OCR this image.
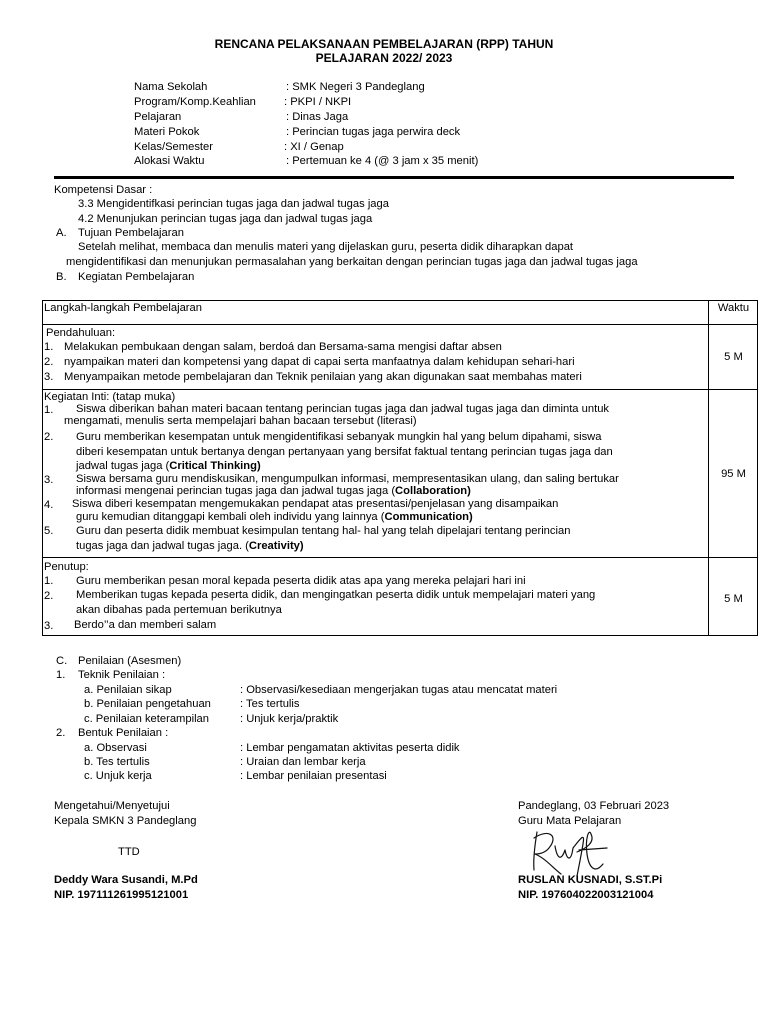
RENCANA PELAKSANAAN PEMBELAJARAN (RPP) TAHUN
PELAJARAN 2022/ 2023
Nama Sekolah	: SMK Negeri 3 Pandeglang
Program/Komp.Keahlian	: PKPI / NKPI
Pelajaran	: Dinas Jaga
Materi Pokok	: Perincian tugas jaga perwira deck
Kelas/Semester	: XI / Genap
Alokasi Waktu	: Pertemuan ke 4 (@ 3 jam x 35 menit)
Kompetensi Dasar :
3.3 Mengidentifkasi perincian tugas jaga dan jadwal tugas jaga
4.2 Menunjukan perincian tugas jaga dan jadwal tugas jaga
A. Tujuan Pembelajaran
Setelah melihat, membaca dan menulis materi yang dijelaskan guru, peserta didik diharapkan dapat
mengidentifikasi dan menunjukan permasalahan yang berkaitan dengan perincian tugas jaga dan jadwal tugas jaga
B. Kegiatan Pembelajaran
Langkah-langkah Pembelajaran	Waktu
Pendahuluan:
1. Melakukan pembukaan dengan salam, berdoá dan Bersama-sama mengisi daftar absen
2. nyampaikan materi dan kompetensi yang dapat di capai serta manfaatnya dalam kehidupan sehari-hari
3. Menyampaikan metode pembelajaran dan Teknik penilaian yang akan digunakan saat membahas materi
5 M
Kegiatan Inti: (tatap muka)
1. Siswa diberikan bahan materi bacaan tentang perincian tugas jaga dan jadwal tugas jaga dan diminta untuk
mengamati, menulis serta mempelajari bahan bacaan tersebut (literasi)
2. Guru memberikan kesempatan untuk mengidentifikasi sebanyak mungkin hal yang belum dipahami, siswa
diberi kesempatan untuk bertanya dengan pertanyaan yang bersifat faktual tentang perincian tugas jaga dan
jadwal tugas jaga (Critical Thinking)
3. Siswa bersama guru mendiskusikan, mengumpulkan informasi, mempresentasikan ulang, dan saling bertukar
informasi mengenai perincian tugas jaga dan jadwal tugas jaga (Collaboration)
4. Siswa diberi kesempatan mengemukakan pendapat atas presentasi/penjelasan yang disampaikan
guru kemudian ditanggapi kembali oleh individu yang lainnya (Communication)
5. Guru dan peserta didik membuat kesimpulan tentang hal- hal yang telah dipelajari tentang perincian
tugas jaga dan jadwal tugas jaga. (Creativity)
95 M
Penutup:
1. Guru memberikan pesan moral kepada peserta didik atas apa yang mereka pelajari hari ini
2. Memberikan tugas kepada peserta didik, dan mengingatkan peserta didik untuk mempelajari materi yang
akan dibahas pada pertemuan berikutnya
3. Berdo’’a dan memberi salam
5 M
C. Penilaian (Asesmen)
1. Teknik Penilaian :
a. Penilaian sikap	: Observasi/kesediaan mengerjakan tugas atau mencatat materi
b. Penilaian pengetahuan	: Tes tertulis
c. Penilaian keterampilan	: Unjuk kerja/praktik
2. Bentuk Penilaian :
a. Observasi	: Lembar pengamatan aktivitas peserta didik
b. Tes tertulis	: Uraian dan lembar kerja
c. Unjuk kerja	: Lembar penilaian presentasi
Mengetahui/Menyetujui
Kepala SMKN 3 Pandeglang
TTD
Deddy Wara Susandi, M.Pd
NIP. 197111261995121001
Pandeglang, 03 Februari 2023
Guru Mata Pelajaran
RUSLAN KUSNADI, S.ST.Pi
NIP. 197604022003121004
